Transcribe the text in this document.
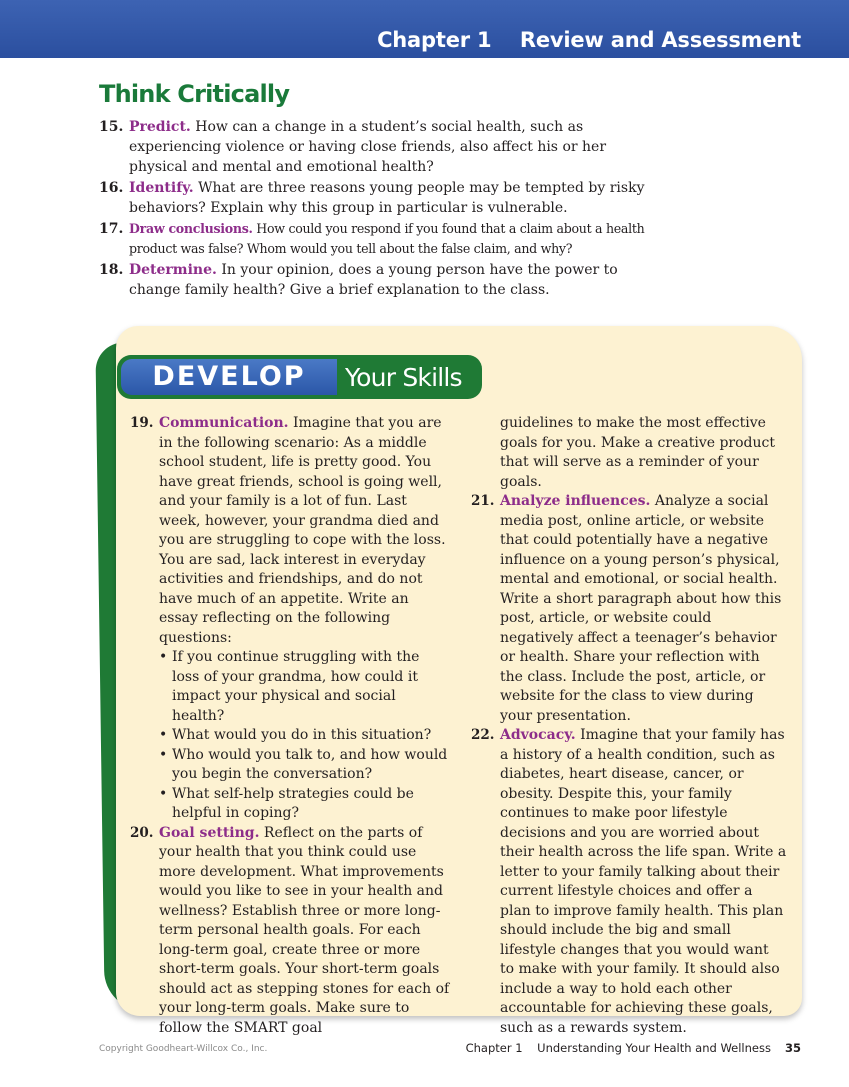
Chapter 1    Review and Assessment
Think Critically
15. Predict. How can a change in a student’s social health, such as experiencing violence or having close friends, also affect his or her physical and mental and emotional health?
16. Identify. What are three reasons young people may be tempted by risky behaviors? Explain why this group in particular is vulnerable.
17. Draw conclusions. How could you respond if you found that a claim about a health product was false? Whom would you tell about the false claim, and why?
18. Determine. In your opinion, does a young person have the power to change family health? Give a brief explanation to the class.
DEVELOP	Your Skills
19. Communication. Imagine that you are in the following scenario: As a middle school student, life is pretty good. You have great friends, school is going well, and your family is a lot of fun. Last week, however, your grandma died and you are struggling to cope with the loss. You are sad, lack interest in everyday activities and friendships, and do not have much of an appetite. Write an essay reflecting on the following questions:
• If you continue struggling with the loss of your grandma, how could it impact your physical and social health?
• What would you do in this situation?
• Who would you talk to, and how would you begin the conversation?
• What self-help strategies could be helpful in coping?
20. Goal setting. Reflect on the parts of your health that you think could use more development. What improvements would you like to see in your health and wellness? Establish three or more long-term personal health goals. For each long-term goal, create three or more short-term goals. Your short-term goals should act as stepping stones for each of your long-term goals. Make sure to follow the SMART goal
guidelines to make the most effective goals for you. Make a creative product that will serve as a reminder of your goals.
21. Analyze influences. Analyze a social media post, online article, or website that could potentially have a negative influence on a young person’s physical, mental and emotional, or social health. Write a short paragraph about how this post, article, or website could negatively affect a teenager’s behavior or health. Share your reflection with the class. Include the post, article, or website for the class to view during your presentation.
22. Advocacy. Imagine that your family has a history of a health condition, such as diabetes, heart disease, cancer, or obesity. Despite this, your family continues to make poor lifestyle decisions and you are worried about their health across the life span. Write a letter to your family talking about their current lifestyle choices and offer a plan to improve family health. This plan should include the big and small lifestyle changes that you would want to make with your family. It should also include a way to hold each other accountable for achieving these goals, such as a rewards system.
Copyright Goodheart-Willcox Co., Inc.	Chapter 1    Understanding Your Health and Wellness 35
